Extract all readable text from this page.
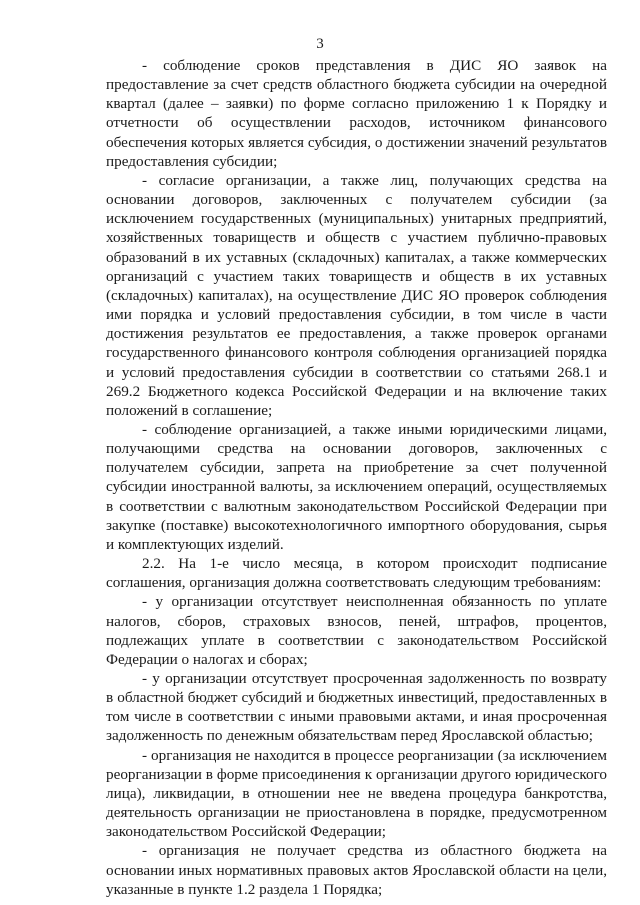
3

- соблюдение сроков представления в ДИС ЯО заявок на предоставление за счет средств областного бюджета субсидии на очередной квартал (далее – заявки) по форме согласно приложению 1 к Порядку и отчетности об осуществлении расходов, источником финансового обеспечения которых является субсидия, о достижении значений результатов предоставления субсидии;

- согласие организации, а также лиц, получающих средства на основании договоров, заключенных с получателем субсидии (за исключением государственных (муниципальных) унитарных предприятий, хозяйственных товариществ и обществ с участием публично-правовых образований в их уставных (складочных) капиталах, а также коммерческих организаций с участием таких товариществ и обществ в их уставных (складочных) капиталах), на осуществление ДИС ЯО проверок соблюдения ими порядка и условий предоставления субсидии, в том числе в части достижения результатов ее предоставления, а также проверок органами государственного финансового контроля соблюдения организацией порядка и условий предоставления субсидии в соответствии со статьями 268.1 и 269.2 Бюджетного кодекса Российской Федерации и на включение таких положений в соглашение;

- соблюдение организацией, а также иными юридическими лицами, получающими средства на основании договоров, заключенных с получателем субсидии, запрета на приобретение за счет полученной субсидии иностранной валюты, за исключением операций, осуществляемых в соответствии с валютным законодательством Российской Федерации при закупке (поставке) высокотехнологичного импортного оборудования, сырья и комплектующих изделий.

2.2. На 1-е число месяца, в котором происходит подписание соглашения, организация должна соответствовать следующим требованиям:

- у организации отсутствует неисполненная обязанность по уплате налогов, сборов, страховых взносов, пеней, штрафов, процентов, подлежащих уплате в соответствии с законодательством Российской Федерации о налогах и сборах;

- у организации отсутствует просроченная задолженность по возврату в областной бюджет субсидий и бюджетных инвестиций, предоставленных в том числе в соответствии с иными правовыми актами, и иная просроченная задолженность по денежным обязательствам перед Ярославской областью;

- организация не находится в процессе реорганизации (за исключением реорганизации в форме присоединения к организации другого юридического лица), ликвидации, в отношении нее не введена процедура банкротства, деятельность организации не приостановлена в порядке, предусмотренном законодательством Российской Федерации;

- организация не получает средства из областного бюджета на основании иных нормативных правовых актов Ярославской области на цели, указанные в пункте 1.2 раздела 1 Порядка;
